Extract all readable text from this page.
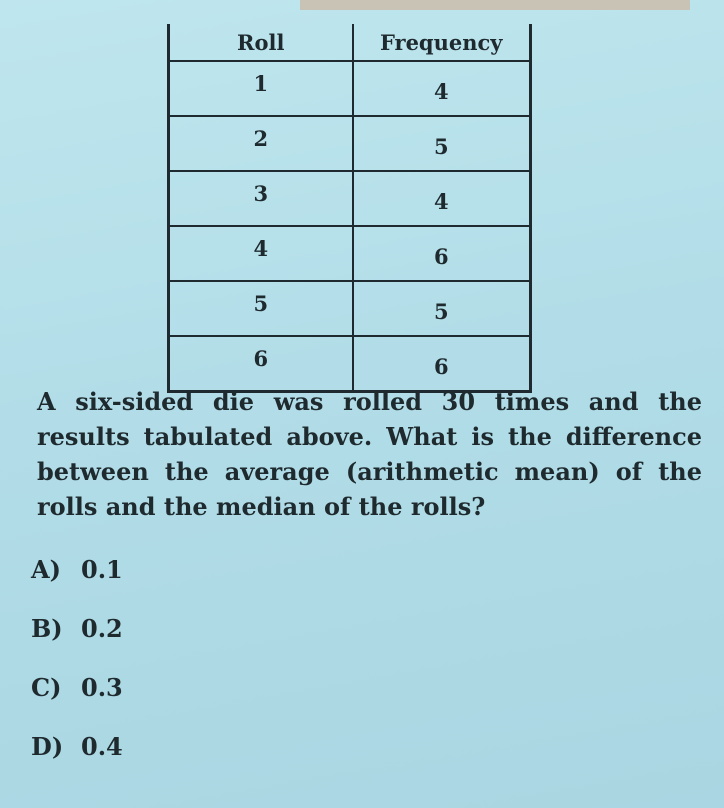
Roll	Frequency
1	4
2	5
3	4
4	6
5	5
6	6

A six-sided die was rolled 30 times and the results tabulated above. What is the difference between the average (arithmetic mean) of the rolls and the median of the rolls?

A) 0.1
B) 0.2
C) 0.3
D) 0.4
